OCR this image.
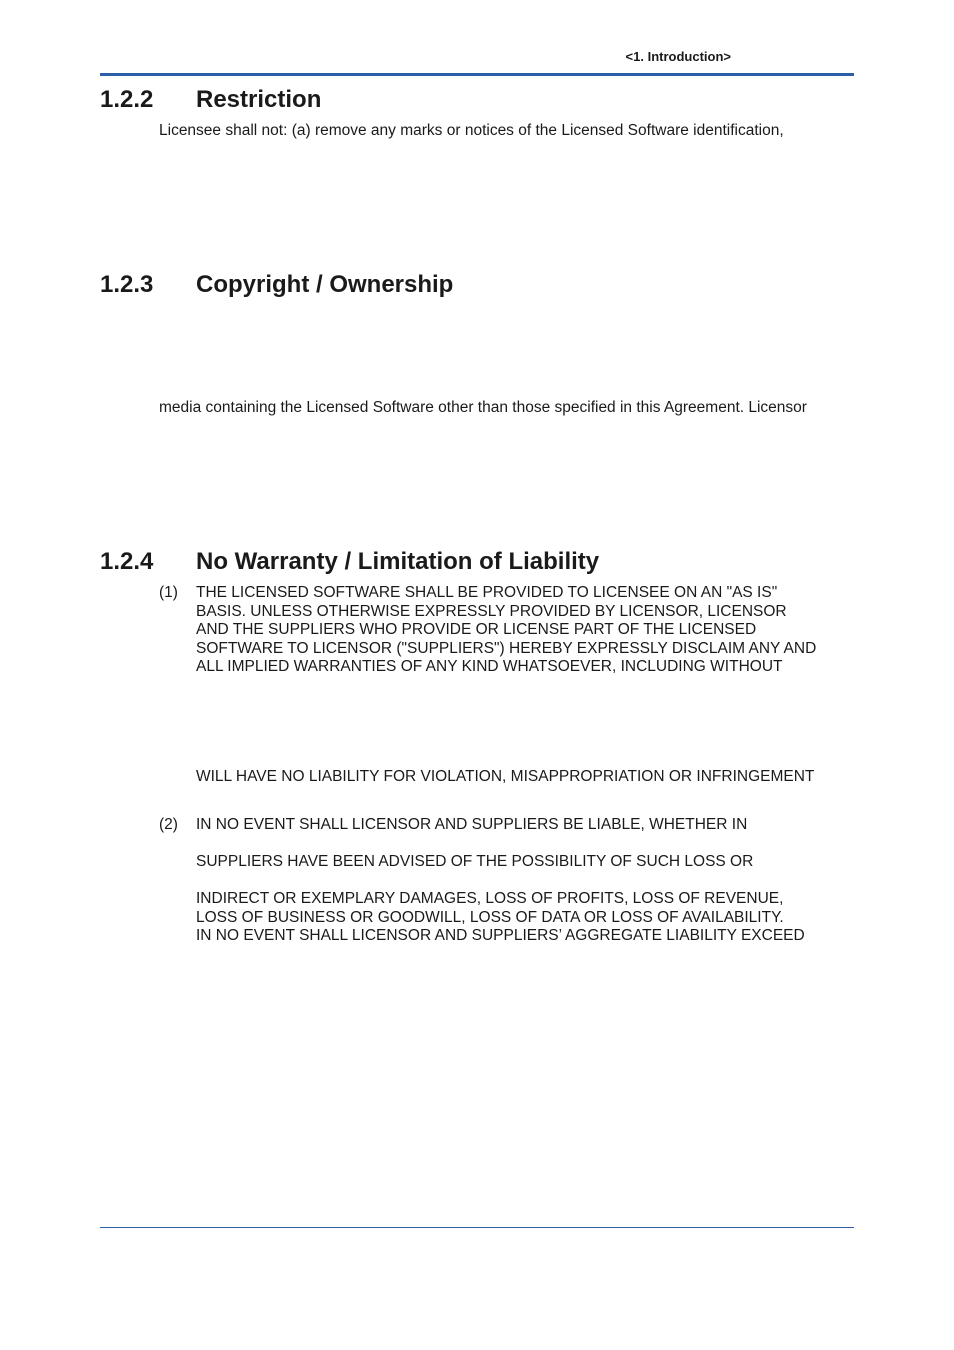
<1. Introduction>
1.2.2 Restriction
Licensee shall not: (a) remove any marks or notices of the Licensed Software identification,
1.2.3 Copyright / Ownership
media containing the Licensed Software other than those specified in this Agreement. Licensor
1.2.4 No Warranty / Limitation of Liability
(1) THE LICENSED SOFTWARE SHALL BE PROVIDED TO LICENSEE ON AN "AS IS"
BASIS. UNLESS OTHERWISE EXPRESSLY PROVIDED BY LICENSOR, LICENSOR
AND THE SUPPLIERS WHO PROVIDE OR LICENSE PART OF THE LICENSED
SOFTWARE TO LICENSOR ("SUPPLIERS") HEREBY EXPRESSLY DISCLAIM ANY AND
ALL IMPLIED WARRANTIES OF ANY KIND WHATSOEVER, INCLUDING WITHOUT
WILL HAVE NO LIABILITY FOR VIOLATION, MISAPPROPRIATION OR INFRINGEMENT
(2) IN NO EVENT SHALL LICENSOR AND SUPPLIERS BE LIABLE, WHETHER IN
SUPPLIERS HAVE BEEN ADVISED OF THE POSSIBILITY OF SUCH LOSS OR
INDIRECT OR EXEMPLARY DAMAGES, LOSS OF PROFITS, LOSS OF REVENUE,
LOSS OF BUSINESS OR GOODWILL, LOSS OF DATA OR LOSS OF AVAILABILITY.
IN NO EVENT SHALL LICENSOR AND SUPPLIERS’ AGGREGATE LIABILITY EXCEED
